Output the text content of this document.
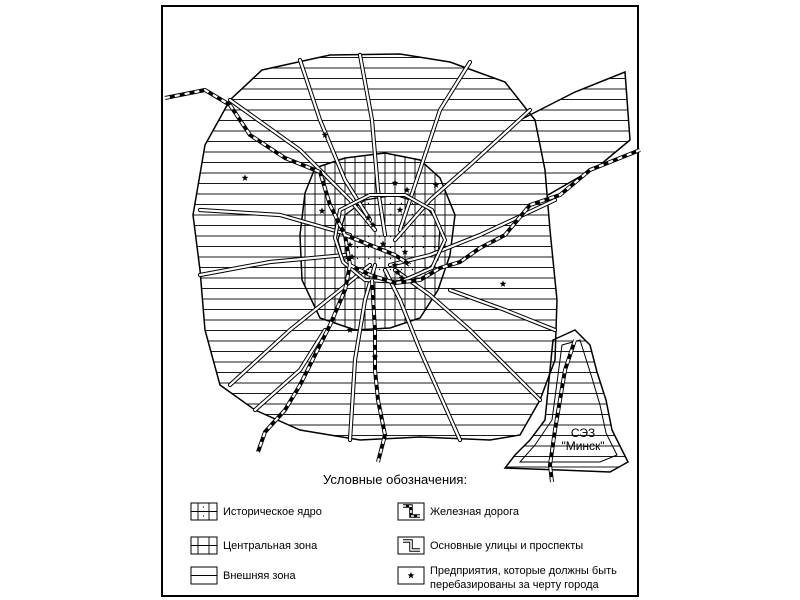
СЭЗ
"Минск"
Условные обозначения:
Историческое ядро
Центральная зона
Внешняя зона
Железная дорога
Основные улицы и проспекты
Предприятия, которые должны быть
перебазированы за черту города
